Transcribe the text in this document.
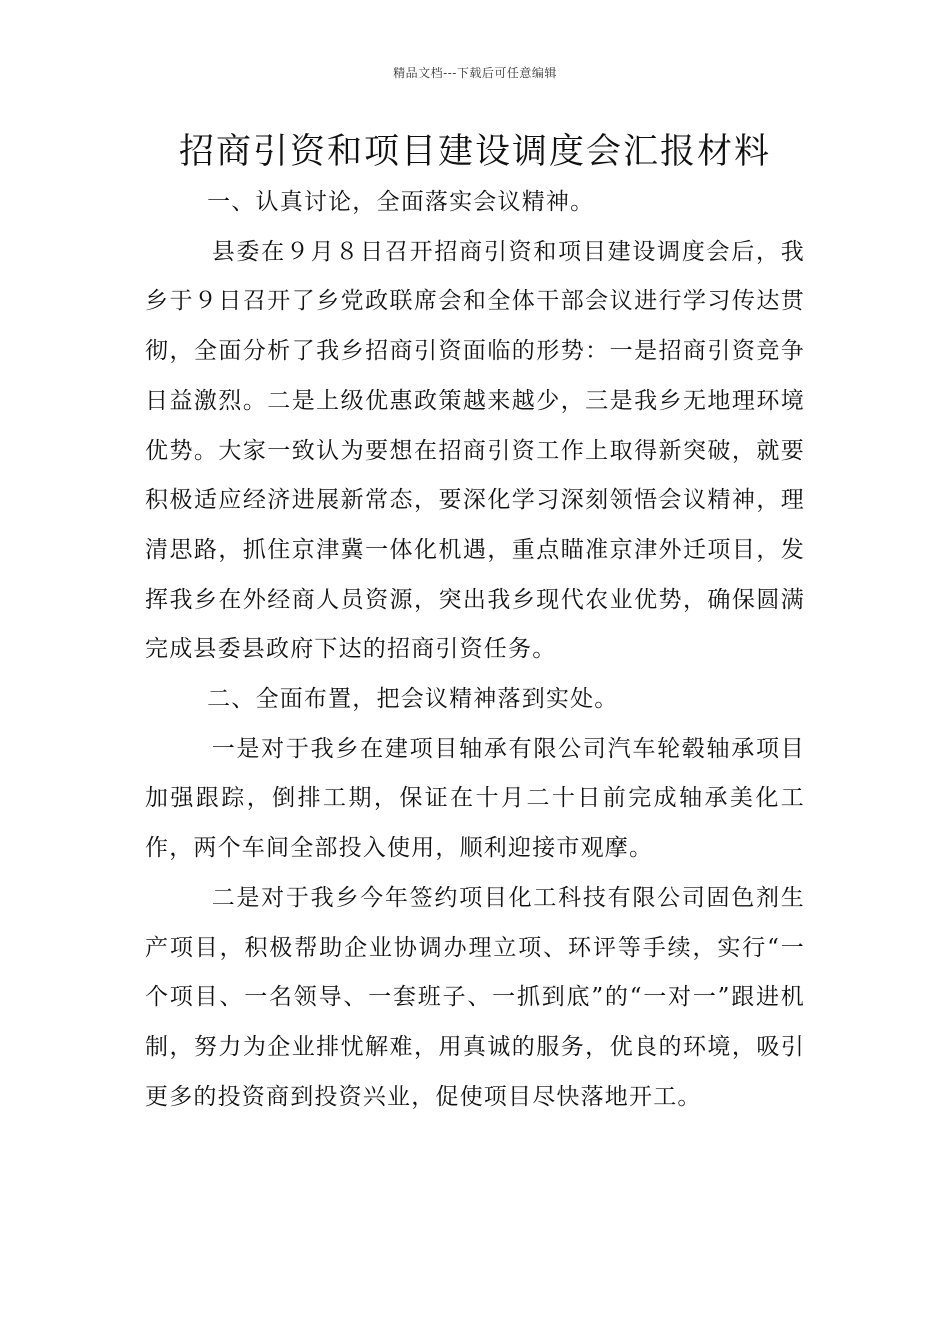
精品文档---下载后可任意编辑
招商引资和项目建设调度会汇报材料

一、认真讨论，全面落实会议精神。

县委在９月８日召开招商引资和项目建设调度会后，我乡于９日召开了乡党政联席会和全体干部会议进行学习传达贯彻，全面分析了我乡招商引资面临的形势：一是招商引资竞争日益激烈。二是上级优惠政策越来越少，三是我乡无地理环境优势。大家一致认为要想在招商引资工作上取得新突破，就要积极适应经济进展新常态，要深化学习深刻领悟会议精神，理清思路，抓住京津冀一体化机遇，重点瞄准京津外迁项目，发挥我乡在外经商人员资源，突出我乡现代农业优势，确保圆满完成县委县政府下达的招商引资任务。

二、全面布置，把会议精神落到实处。

一是对于我乡在建项目轴承有限公司汽车轮毂轴承项目加强跟踪，倒排工期，保证在十月二十日前完成轴承美化工作，两个车间全部投入使用，顺利迎接市观摩。

二是对于我乡今年签约项目化工科技有限公司固色剂生产项目，积极帮助企业协调办理立项、环评等手续，实行“一个项目、一名领导、一套班子、一抓到底”的“一对一”跟进机制，努力为企业排忧解难，用真诚的服务，优良的环境，吸引更多的投资商到投资兴业，促使项目尽快落地开工。
